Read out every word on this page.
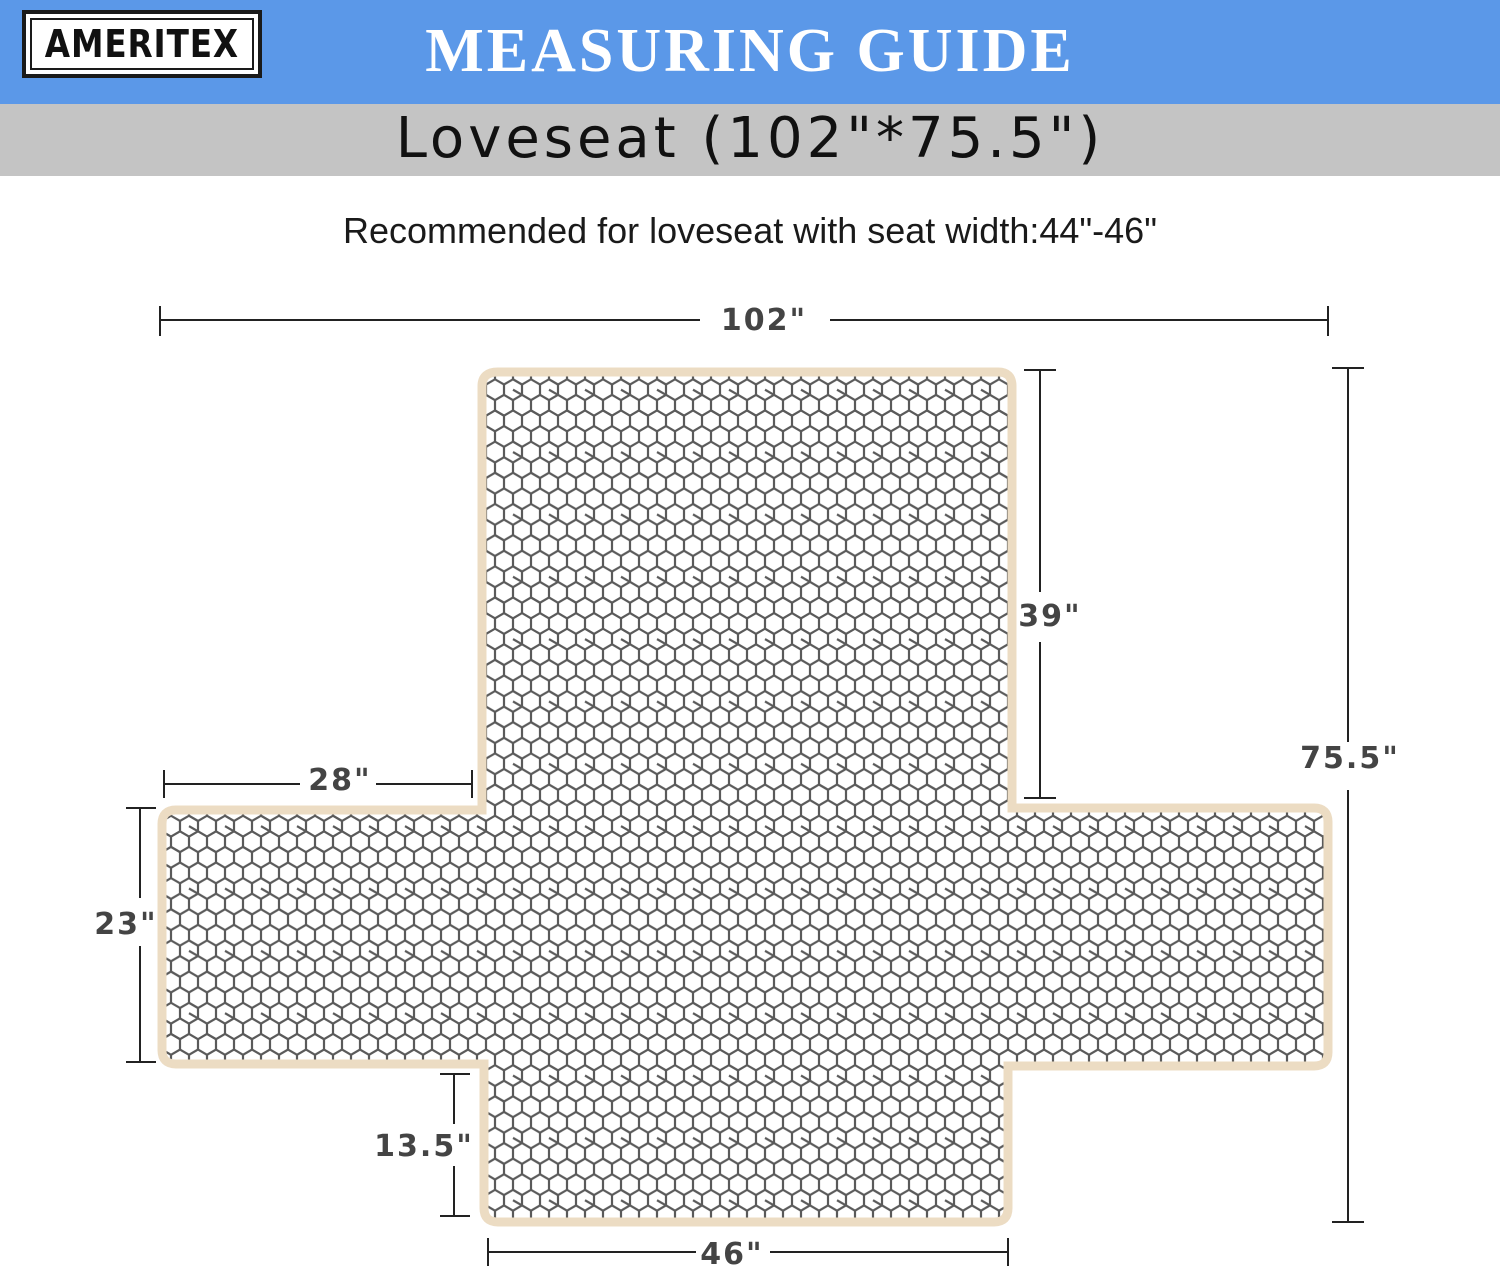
AMERITEX	MEASURING GUIDE
Loveseat (102"*75.5")
Recommended for loveseat with seat width:44"-46"
102"
75.5"
39"
28"
23"
13.5"
46"
